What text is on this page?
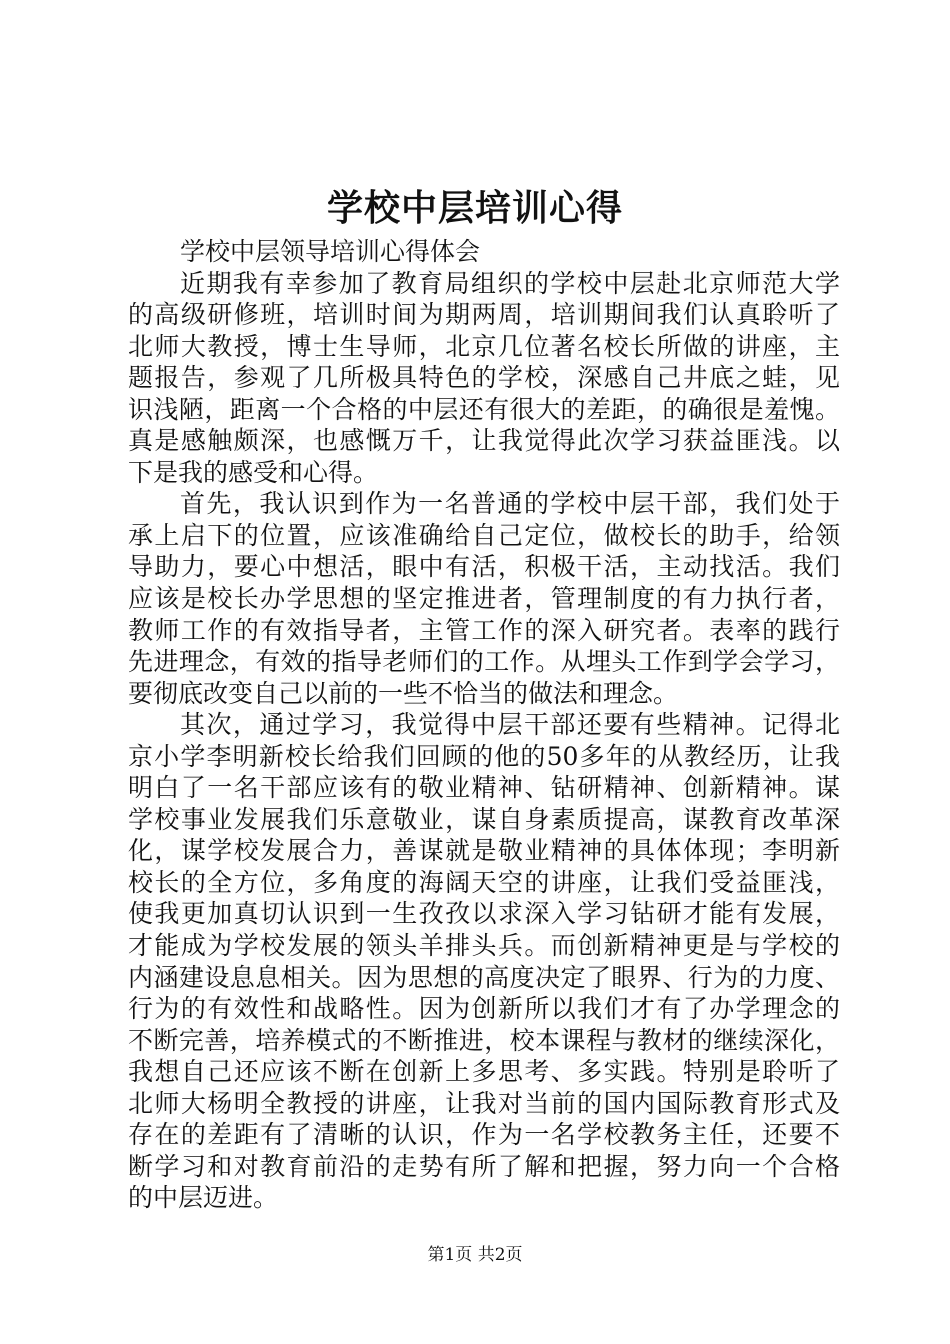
学校中层培训心得
学校中层领导培训心得体会
近期我有幸参加了教育局组织的学校中层赴北京师范大学
的高级研修班，培训时间为期两周，培训期间我们认真聆听了
北师大教授，博士生导师，北京几位著名校长所做的讲座，主
题报告，参观了几所极具特色的学校，深感自己井底之蛙，见
识浅陋，距离一个合格的中层还有很大的差距，的确很是羞愧。
真是感触颇深，也感慨万千，让我觉得此次学习获益匪浅。以
下是我的感受和心得。
首先，我认识到作为一名普通的学校中层干部，我们处于
承上启下的位置，应该准确给自己定位，做校长的助手，给领
导助力，要心中想活，眼中有活，积极干活，主动找活。我们
应该是校长办学思想的坚定推进者，管理制度的有力执行者，
教师工作的有效指导者，主管工作的深入研究者。表率的践行
先进理念，有效的指导老师们的工作。从埋头工作到学会学习，
要彻底改变自己以前的一些不恰当的做法和理念。
其次，通过学习，我觉得中层干部还要有些精神。记得北
京小学李明新校长给我们回顾的他的50多年的从教经历，让我
明白了一名干部应该有的敬业精神、钻研精神、创新精神。谋
学校事业发展我们乐意敬业，谋自身素质提高，谋教育改革深
化，谋学校发展合力，善谋就是敬业精神的具体体现；李明新
校长的全方位，多角度的海阔天空的讲座，让我们受益匪浅，
使我更加真切认识到一生孜孜以求深入学习钻研才能有发展，
才能成为学校发展的领头羊排头兵。而创新精神更是与学校的
内涵建设息息相关。因为思想的高度决定了眼界、行为的力度、
行为的有效性和战略性。因为创新所以我们才有了办学理念的
不断完善，培养模式的不断推进，校本课程与教材的继续深化，
我想自己还应该不断在创新上多思考、多实践。特别是聆听了
北师大杨明全教授的讲座，让我对当前的国内国际教育形式及
存在的差距有了清晰的认识，作为一名学校教务主任，还要不
断学习和对教育前沿的走势有所了解和把握，努力向一个合格
的中层迈进。
第1页 共2页
